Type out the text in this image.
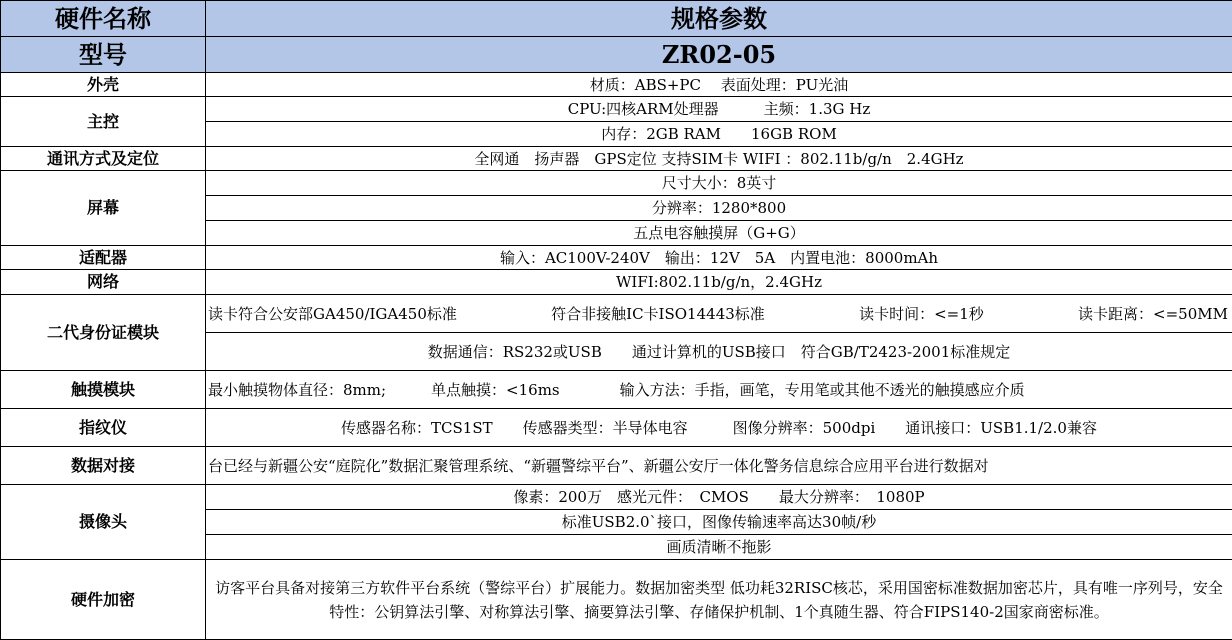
硬件名称	规格参数
型号	ZR02-05
外壳	材质：ABS+PC　 表面处理：PU光油
主控	CPU:四核ARM处理器　　　主频：1.3G Hz
	内存：2GB RAM　　16GB ROM
通讯方式及定位	全网通　扬声器　GPS定位 支持SIM卡 WIFI ：802.11b/g/n　2.4GHz
屏幕	尺寸大小：8英寸
	分辨率：1280*800
	五点电容触摸屏（G+G）
适配器	输入：AC100V-240V　输出：12V　5A　内置电池：8000mAh
网络	WIFI:802.11b/g/n，2.4GHz
二代身份证模块	读卡符合公安部GA450/IGA450标准 符合非接触IC卡ISO14443标准 读卡时间：<=1秒 读卡距离：<=50MM

	数据通信：RS232或USB　　通过计算机的USB接口　符合GB/T2423-2001标准规定
触摸模块	最小触摸物体直径：8mm;　　　单点触摸：<16ms　　　　输入方法：手指，画笔，专用笔或其他不透光的触摸感应介质
指纹仪	传感器名称：TCS1ST　　传感器类型：半导体电容　　　图像分辨率：500dpi　　通讯接口：USB1.1/2.0兼容
数据对接	台已经与新疆公安“庭院化”数据汇聚管理系统、“新疆警综平台”、新疆公安厅一体化警务信息综合应用平台进行数据对
摄像头	像素：200万　感光元件：　CMOS　　最大分辨率：　1080P
	标准USB2.0`接口，图像传输速率高达30帧/秒
	画质清晰不拖影
硬件加密	访客平台具备对接第三方软件平台系统（警综平台）扩展能力。数据加密类型 低功耗32RISC核芯，采用国密标准数据加密芯片，具有唯一序列号，安全特性：公钥算法引擎、对称算法引擎、摘要算法引擎、存储保护机制、1个真随生器、符合FIPS140-2国家商密标准。
